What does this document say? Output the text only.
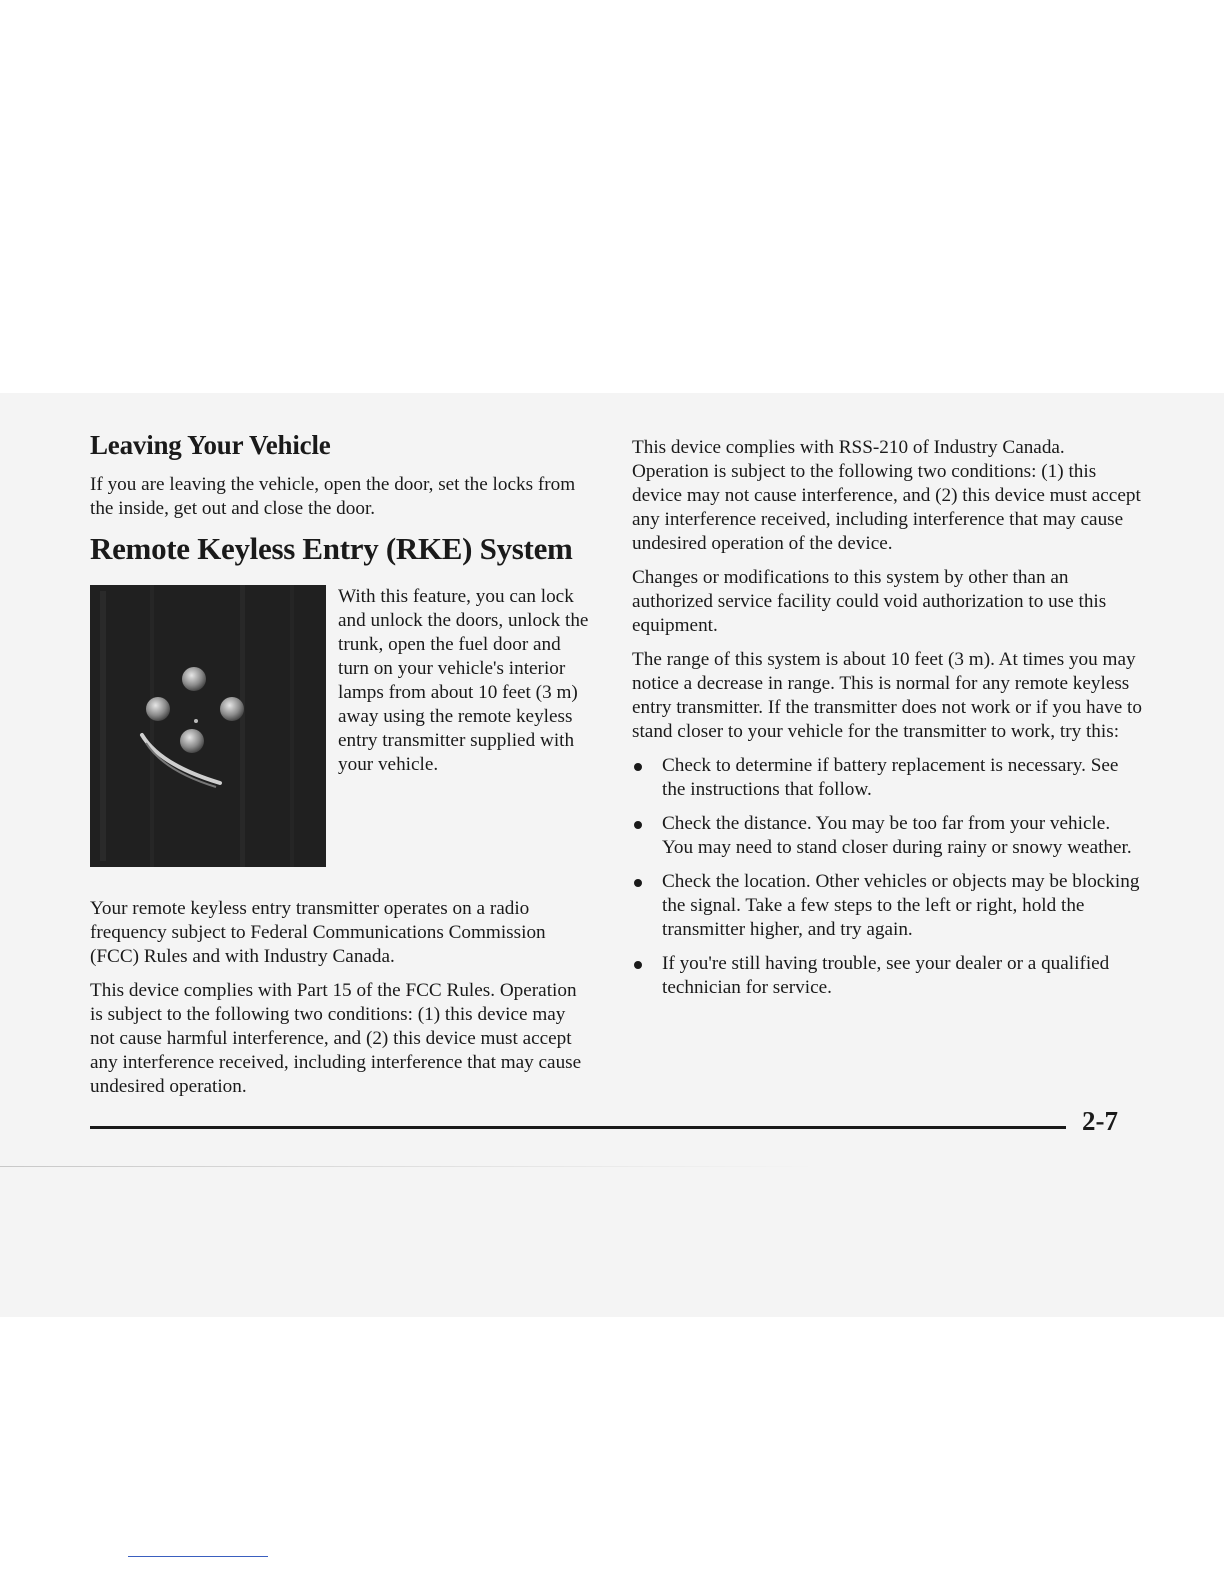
Leaving Your Vehicle

If you are leaving the vehicle, open the door, set the locks from the inside, get out and close the door.

Remote Keyless Entry (RKE) System

With this feature, you can lock and unlock the doors, unlock the trunk, open the fuel door and turn on your vehicle's interior lamps from about 10 feet (3 m) away using the remote keyless entry transmitter supplied with your vehicle.

Your remote keyless entry transmitter operates on a radio frequency subject to Federal Communications Commission (FCC) Rules and with Industry Canada.

This device complies with Part 15 of the FCC Rules. Operation is subject to the following two conditions: (1) this device may not cause harmful interference, and (2) this device must accept any interference received, including interference that may cause undesired operation.

This device complies with RSS-210 of Industry Canada. Operation is subject to the following two conditions: (1) this device may not cause interference, and (2) this device must accept any interference received, including interference that may cause undesired operation of the device.

Changes or modifications to this system by other than an authorized service facility could void authorization to use this equipment.

The range of this system is about 10 feet (3 m). At times you may notice a decrease in range. This is normal for any remote keyless entry transmitter. If the transmitter does not work or if you have to stand closer to your vehicle for the transmitter to work, try this:

Check to determine if battery replacement is necessary. See the instructions that follow.
Check the distance. You may be too far from your vehicle. You may need to stand closer during rainy or snowy weather.
Check the location. Other vehicles or objects may be blocking the signal. Take a few steps to the left or right, hold the transmitter higher, and try again.
If you're still having trouble, see your dealer or a qualified technician for service.
2-7
